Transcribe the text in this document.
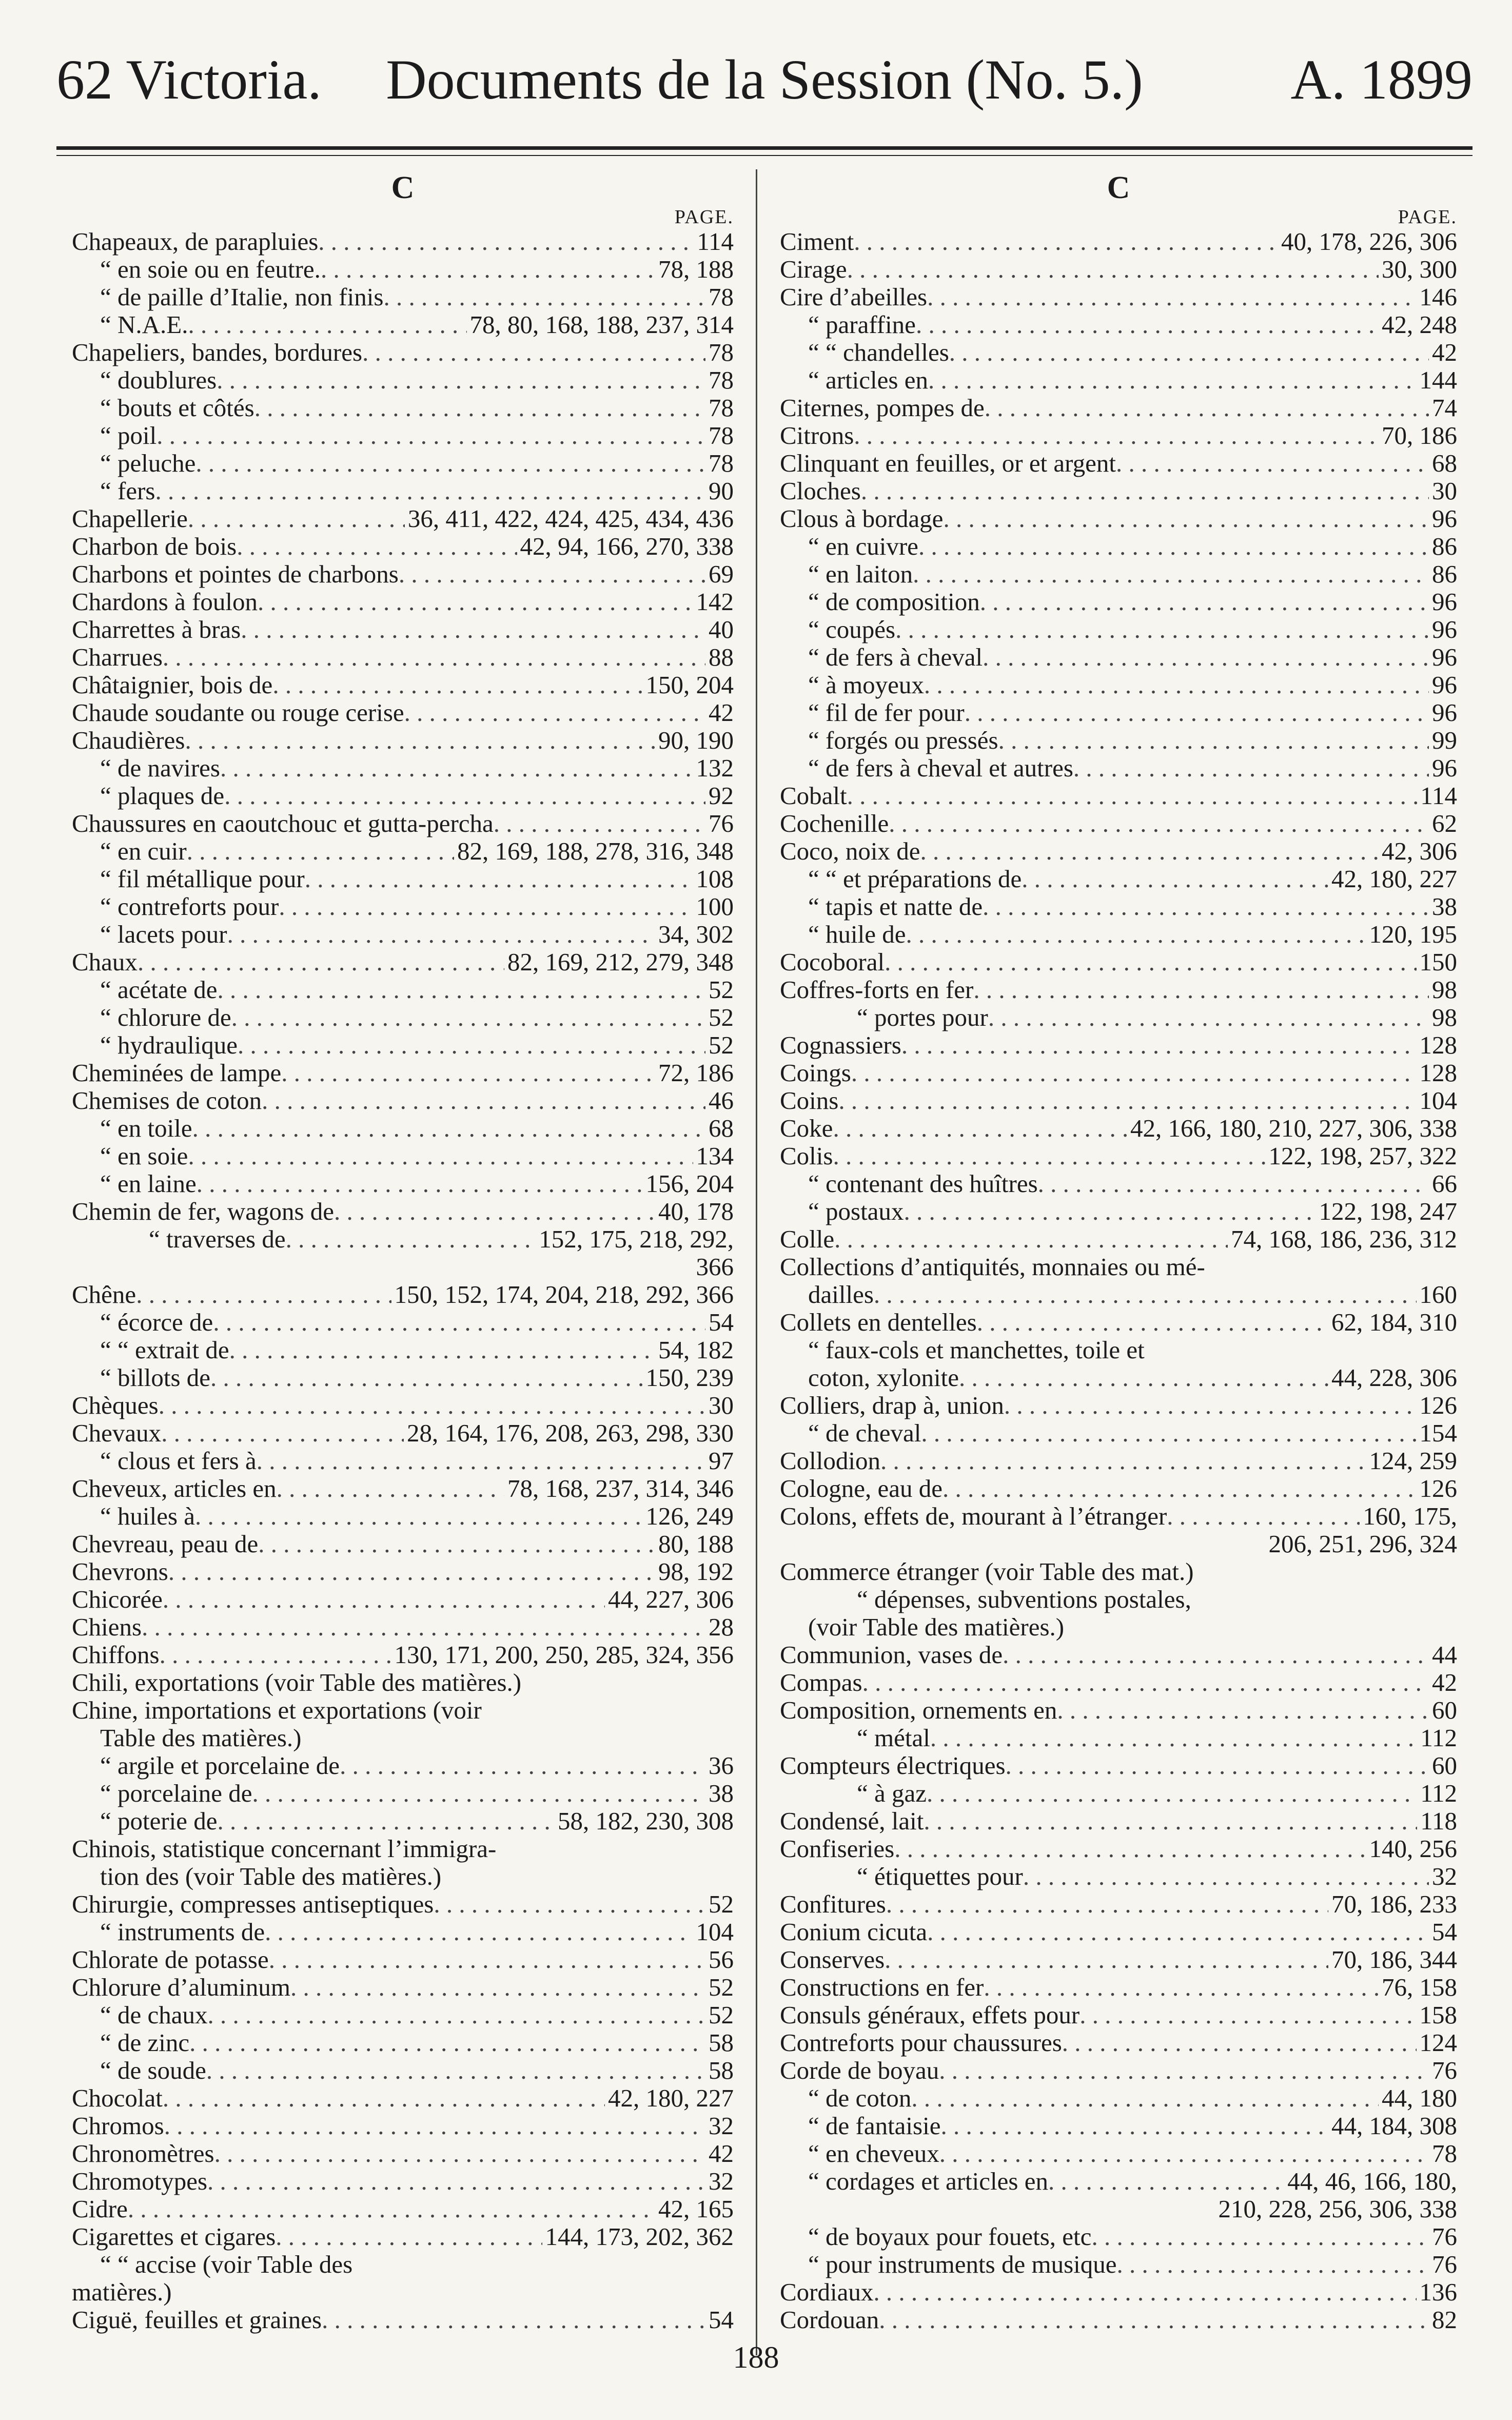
62 Victoria.	Documents de la Session (No. 5.)	A. 1899
C
PAGE.
Chapeaux, de parapluies . . .	114
“ en soie ou en feutre. . . .	78, 188
“ de paille d’Italie, non finis . . .	78
“ N.A.E. . . .	78, 80, 168, 188, 237, 314
Chapeliers, bandes, bordures . . .	78
“ doublures . . .	78
“ bouts et côtés . . .	78
“ poil . . .	78
“ peluche . . .	78
“ fers . . .	90
Chapellerie . . .	36, 411, 422, 424, 425, 434, 436
Charbon de bois . . .	42, 94, 166, 270, 338
Charbons et pointes de charbons . . .	69
Chardons à foulon . . .	142
Charrettes à bras . . .	40
Charrues . . .	88
Châtaignier, bois de . . .	150, 204
Chaude soudante ou rouge cerise . . .	42
Chaudières . . .	90, 190
“ de navires . . .	132
“ plaques de . . .	92
Chaussures en caoutchouc et gutta-percha . . .	76
“ en cuir . . .	82, 169, 188, 278, 316, 348
“ fil métallique pour . . .	108
“ contreforts pour . . .	100
“ lacets pour . . .	34, 302
Chaux . . .	82, 169, 212, 279, 348
“ acétate de . . .	52
“ chlorure de . . .	52
“ hydraulique . . .	52
Cheminées de lampe . . .	72, 186
Chemises de coton . . .	46
“ en toile . . .	68
“ en soie . . .	134
“ en laine . . .	156, 204
Chemin de fer, wagons de . . .	40, 178
“ traverses de . . .	152, 175, 218, 292,
366
Chêne . . .	150, 152, 174, 204, 218, 292, 366
“ écorce de . . .	54
“ “ extrait de . . .	54, 182
“ billots de . . .	150, 239
Chèques . . .	30
Chevaux . . .	28, 164, 176, 208, 263, 298, 330
“ clous et fers à . . .	97
Cheveux, articles en . . .	78, 168, 237, 314, 346
“ huiles à . . .	126, 249
Chevreau, peau de . . .	80, 188
Chevrons . . .	98, 192
Chicorée . . .	44, 227, 306
Chiens . . .	28
Chiffons . . .	130, 171, 200, 250, 285, 324, 356
Chili, exportations (voir Table des matières.)
Chine, importations et exportations (voir
Table des matières.)
“ argile et porcelaine de . . .	36
“ porcelaine de . . .	38
“ poterie de . . .	58, 182, 230, 308
Chinois, statistique concernant l’immigra-
tion des (voir Table des matières.)
Chirurgie, compresses antiseptiques . . .	52
“ instruments de . . .	104
Chlorate de potasse . . .	56
Chlorure d’aluminum . . .	52
“ de chaux . . .	52
“ de zinc . . .	58
“ de soude . . .	58
Chocolat . . .	42, 180, 227
Chromos . . .	32
Chronomètres . . .	42
Chromotypes . . .	32
Cidre . . .	42, 165
Cigarettes et cigares . . .	144, 173, 202, 362
“ “ accise (voir Table des
matières.)
Ciguë, feuilles et graines . . .	54
C
PAGE.
Ciment . . .	40, 178, 226, 306
Cirage . . .	30, 300
Cire d’abeilles . . .	146
“ paraffine . . .	42, 248
“ “ chandelles . . .	42
“ articles en . . .	144
Citernes, pompes de . . .	74
Citrons . . .	70, 186
Clinquant en feuilles, or et argent . . .	68
Cloches . . .	30
Clous à bordage . . .	96
“ en cuivre . . .	86
“ en laiton . . .	86
“ de composition . . .	96
“ coupés . . .	96
“ de fers à cheval . . .	96
“ à moyeux . . .	96
“ fil de fer pour . . .	96
“ forgés ou pressés . . .	99
“ de fers à cheval et autres . . .	96
Cobalt . . .	114
Cochenille . . .	62
Coco, noix de . . .	42, 306
“ “ et préparations de . . .	42, 180, 227
“ tapis et natte de . . .	38
“ huile de . . .	120, 195
Cocoboral . . .	150
Coffres-forts en fer . . .	98
“ portes pour . . .	98
Cognassiers . . .	128
Coings . . .	128
Coins . . .	104
Coke . . .	42, 166, 180, 210, 227, 306, 338
Colis . . .	122, 198, 257, 322
“ contenant des huîtres . . .	66
“ postaux . . .	122, 198, 247
Colle . . .	74, 168, 186, 236, 312
Collections d’antiquités, monnaies ou mé-
dailles . . .	160
Collets en dentelles . . .	62, 184, 310
“ faux-cols et manchettes, toile et
coton, xylonite . . .	44, 228, 306
Colliers, drap à, union . . .	126
“ de cheval . . .	154
Collodion . . .	124, 259
Cologne, eau de . . .	126
Colons, effets de, mourant à l’étranger . . .	160, 175,
206, 251, 296, 324
Commerce étranger (voir Table des mat.)
“ dépenses, subventions postales,
(voir Table des matières.)
Communion, vases de . . .	44
Compas . . .	42
Composition, ornements en . . .	60
“ métal . . .	112
Compteurs électriques . . .	60
“ à gaz . . .	112
Condensé, lait . . .	118
Confiseries . . .	140, 256
“ étiquettes pour . . .	32
Confitures . . .	70, 186, 233
Conium cicuta . . .	54
Conserves . . .	70, 186, 344
Constructions en fer . . .	76, 158
Consuls généraux, effets pour . . .	158
Contreforts pour chaussures . . .	124
Corde de boyau . . .	76
“ de coton . . .	44, 180
“ de fantaisie . . .	44, 184, 308
“ en cheveux . . .	78
“ cordages et articles en . . .	44, 46, 166, 180,
210, 228, 256, 306, 338
“ de boyaux pour fouets, etc . . .	76
“ pour instruments de musique . . .	76
Cordiaux . . .	136
Cordouan . . .	82
188
